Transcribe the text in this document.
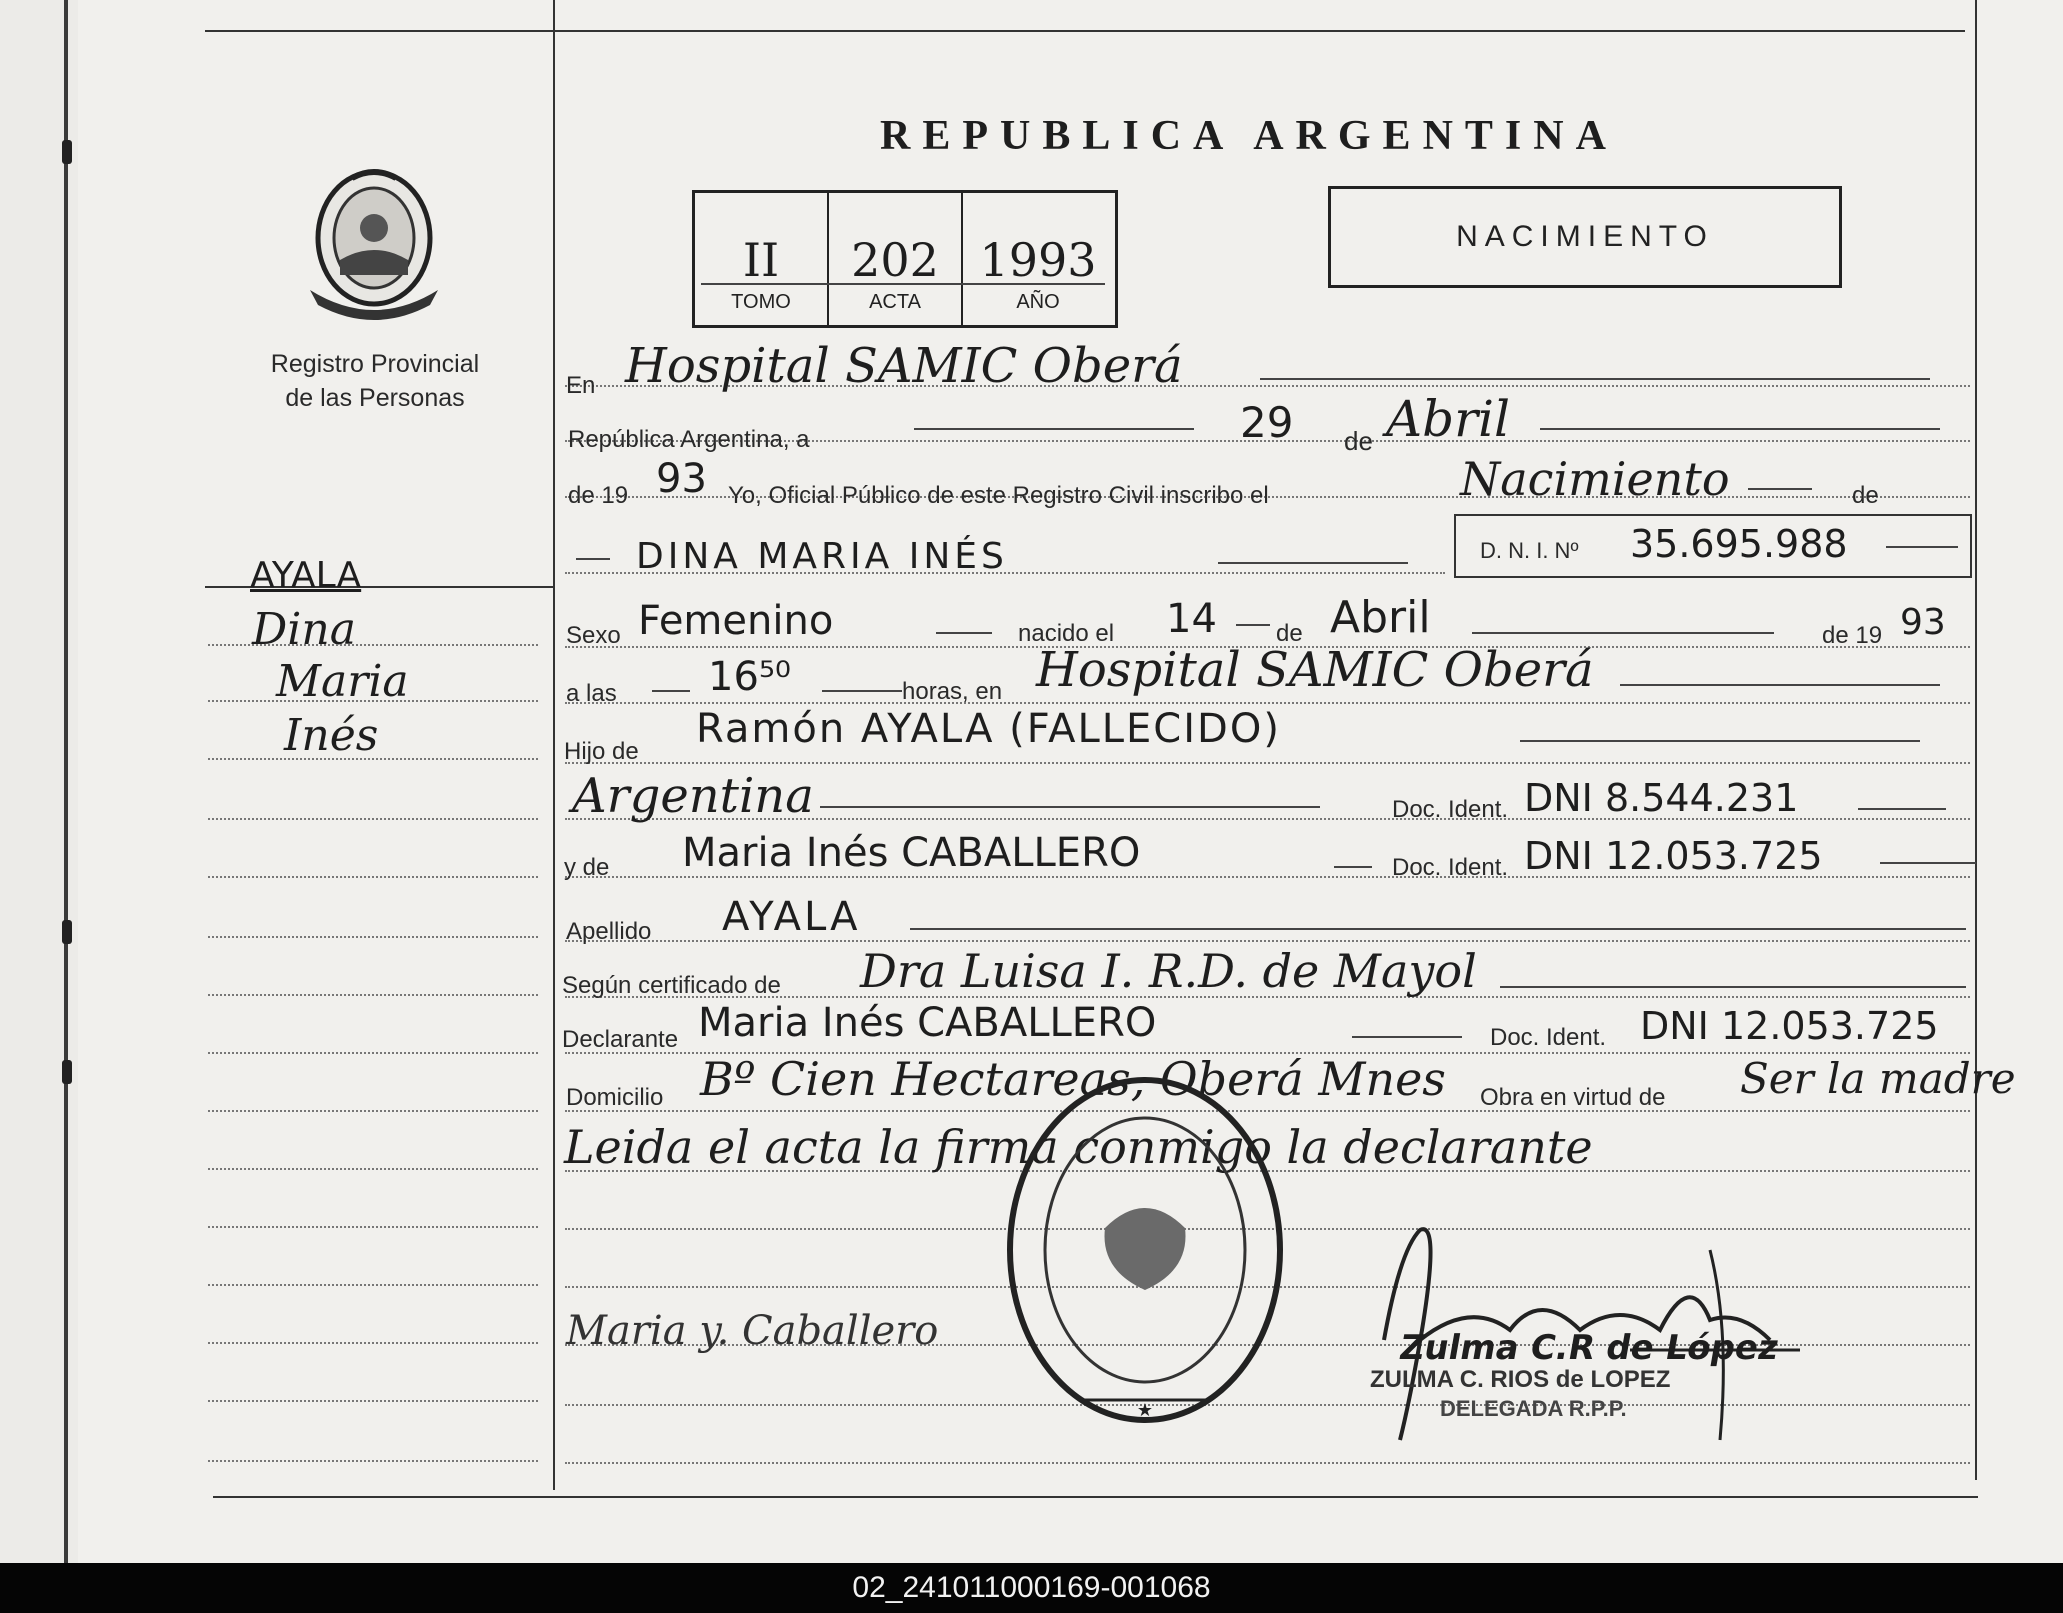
REPUBLICA ARGENTINA
NACIMIENTO
II	202 1993
TOMO	ACTA	AÑO
Registro Provincial
de las Personas
AYALA
Dina
Maria
Inés
En Hospital SAMIC Oberá
República Argentina, a	29 de Abril
de 19 93 Yo, Oficial Público de este Registro Civil inscribo el	Nacimiento	de
DINA MARIA INÉS	D. N. I. Nº 35.695.988
Sexo Femenino	nacido el 14 de Abril	de 19 93
a las 16⁵⁰	horas, en Hospital SAMIC Oberá
Hijo de Ramón AYALA (FALLECIDO)
Argentina	Doc. Ident. DNI 8.544.231
y de Maria Inés CABALLERO	Doc. Ident. DNI 12.053.725
Apellido AYALA
Según certificado de Dra Luisa I. R.D. de Mayol
Declarante Maria Inés CABALLERO	Doc. Ident. DNI 12.053.725
Domicilio Bº Cien Hectareas, Oberá Mnes Obra en virtud de Ser la madre
Leida el acta la firma conmigo la declarante
★
Maria y. Caballero	Zulma C.R de López
ZULMA C. RIOS de LOPEZ
DELEGADA R.P.P.
02_241011000169-001068
